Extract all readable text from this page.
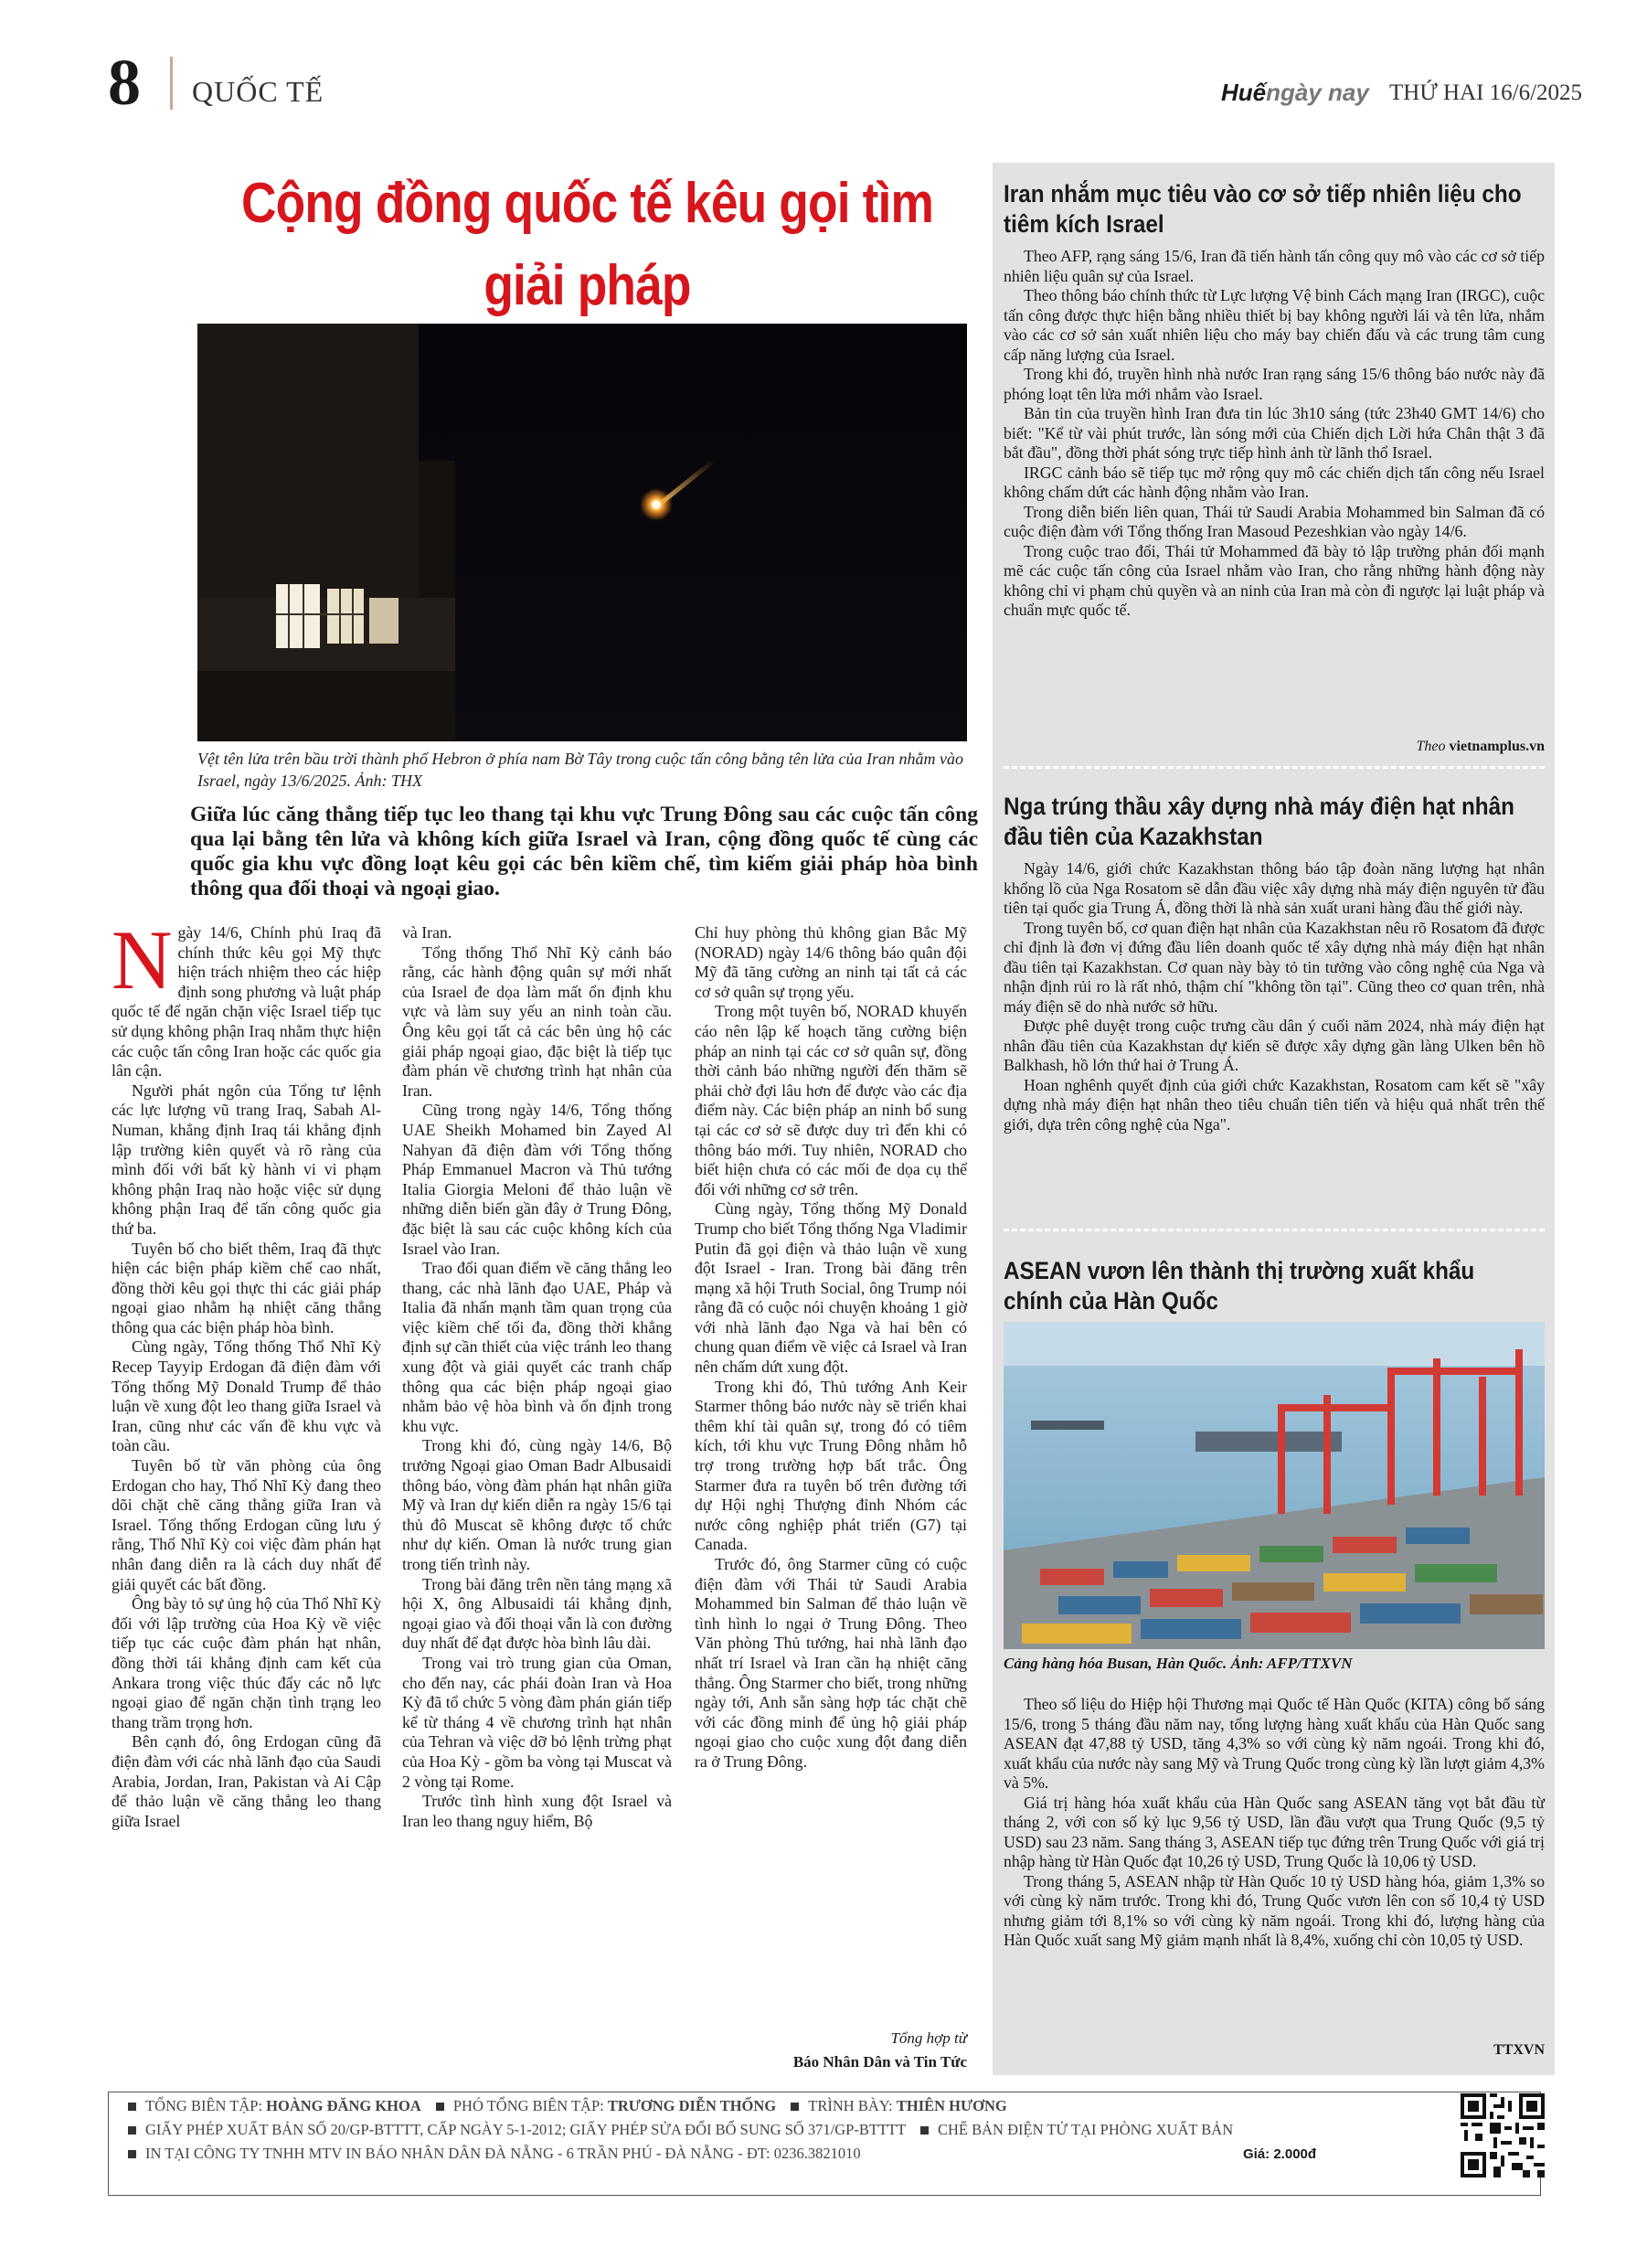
8 QUỐC TẾ	Huếngày nay THỨ HAI 16/6/2025
Cộng đồng quốc tế kêu gọi tìm giải pháp
Vệt tên lửa trên bầu trời thành phố Hebron ở phía nam Bờ Tây trong cuộc tấn công bằng tên lửa của Iran nhằm vào Israel, ngày 13/6/2025. Ảnh: THX
Giữa lúc căng thẳng tiếp tục leo thang tại khu vực Trung Đông sau các cuộc tấn công qua lại bằng tên lửa và không kích giữa Israel và Iran, cộng đồng quốc tế cùng các quốc gia khu vực đồng loạt kêu gọi các bên kiềm chế, tìm kiếm giải pháp hòa bình thông qua đối thoại và ngoại giao.

Ngày 14/6, Chính phủ Iraq đã chính thức kêu gọi Mỹ thực hiện trách nhiệm theo các hiệp định song phương và luật pháp quốc tế để ngăn chặn việc Israel tiếp tục sử dụng không phận Iraq nhằm thực hiện các cuộc tấn công Iran hoặc các quốc gia lân cận.

Người phát ngôn của Tổng tư lệnh các lực lượng vũ trang Iraq, Sabah Al-Numan, khẳng định Iraq tái khẳng định lập trường kiên quyết và rõ ràng của mình đối với bất kỳ hành vi vi phạm không phận Iraq nào hoặc việc sử dụng không phận Iraq để tấn công quốc gia thứ ba.

Tuyên bố cho biết thêm, Iraq đã thực hiện các biện pháp kiềm chế cao nhất, đồng thời kêu gọi thực thi các giải pháp ngoại giao nhằm hạ nhiệt căng thẳng thông qua các biện pháp hòa bình.

Cùng ngày, Tổng thống Thổ Nhĩ Kỳ Recep Tayyip Erdogan đã điện đàm với Tổng thống Mỹ Donald Trump để thảo luận về xung đột leo thang giữa Israel và Iran, cũng như các vấn đề khu vực và toàn cầu.

Tuyên bố từ văn phòng của ông Erdogan cho hay, Thổ Nhĩ Kỳ đang theo dõi chặt chẽ căng thẳng giữa Iran và Israel. Tổng thống Erdogan cũng lưu ý rằng, Thổ Nhĩ Kỳ coi việc đàm phán hạt nhân đang diễn ra là cách duy nhất để giải quyết các bất đồng.

Ông bày tỏ sự ủng hộ của Thổ Nhĩ Kỳ đối với lập trường của Hoa Kỳ về việc tiếp tục các cuộc đàm phán hạt nhân, đồng thời tái khẳng định cam kết của Ankara trong việc thúc đẩy các nỗ lực ngoại giao để ngăn chặn tình trạng leo thang trầm trọng hơn.

Bên cạnh đó, ông Erdogan cũng đã điện đàm với các nhà lãnh đạo của Saudi Arabia, Jordan, Iran, Pakistan và Ai Cập để thảo luận về căng thẳng leo thang giữa Israel

và Iran.

Tổng thống Thổ Nhĩ Kỳ cảnh báo rằng, các hành động quân sự mới nhất của Israel đe dọa làm mất ổn định khu vực và làm suy yếu an ninh toàn cầu. Ông kêu gọi tất cả các bên ủng hộ các giải pháp ngoại giao, đặc biệt là tiếp tục đàm phán về chương trình hạt nhân của Iran.

Cũng trong ngày 14/6, Tổng thống UAE Sheikh Mohamed bin Zayed Al Nahyan đã điện đàm với Tổng thống Pháp Emmanuel Macron và Thủ tướng Italia Giorgia Meloni để thảo luận về những diễn biến gần đây ở Trung Đông, đặc biệt là sau các cuộc không kích của Israel vào Iran.

Trao đổi quan điểm về căng thẳng leo thang, các nhà lãnh đạo UAE, Pháp và Italia đã nhấn mạnh tầm quan trọng của việc kiềm chế tối đa, đồng thời khẳng định sự cần thiết của việc tránh leo thang xung đột và giải quyết các tranh chấp thông qua các biện pháp ngoại giao nhằm bảo vệ hòa bình và ổn định trong khu vực.

Trong khi đó, cùng ngày 14/6, Bộ trưởng Ngoại giao Oman Badr Albusaidi thông báo, vòng đàm phán hạt nhân giữa Mỹ và Iran dự kiến diễn ra ngày 15/6 tại thủ đô Muscat sẽ không được tổ chức như dự kiến. Oman là nước trung gian trong tiến trình này.

Trong bài đăng trên nền tảng mạng xã hội X, ông Albusaidi tái khẳng định, ngoại giao và đối thoại vẫn là con đường duy nhất để đạt được hòa bình lâu dài.

Trong vai trò trung gian của Oman, cho đến nay, các phái đoàn Iran và Hoa Kỳ đã tổ chức 5 vòng đàm phán gián tiếp kể từ tháng 4 về chương trình hạt nhân của Tehran và việc dỡ bỏ lệnh trừng phạt của Hoa Kỳ - gồm ba vòng tại Muscat và 2 vòng tại Rome.

Trước tình hình xung đột Israel và Iran leo thang nguy hiểm, Bộ

Chỉ huy phòng thủ không gian Bắc Mỹ (NORAD) ngày 14/6 thông báo quân đội Mỹ đã tăng cường an ninh tại tất cả các cơ sở quân sự trọng yếu.

Trong một tuyên bố, NORAD khuyến cáo nên lập kế hoạch tăng cường biện pháp an ninh tại các cơ sở quân sự, đồng thời cảnh báo những người đến thăm sẽ phải chờ đợi lâu hơn để được vào các địa điểm này. Các biện pháp an ninh bổ sung tại các cơ sở sẽ được duy trì đến khi có thông báo mới. Tuy nhiên, NORAD cho biết hiện chưa có các mối đe dọa cụ thể đối với những cơ sở trên.

Cùng ngày, Tổng thống Mỹ Donald Trump cho biết Tổng thống Nga Vladimir Putin đã gọi điện và thảo luận về xung đột Israel - Iran. Trong bài đăng trên mạng xã hội Truth Social, ông Trump nói rằng đã có cuộc nói chuyện khoảng 1 giờ với nhà lãnh đạo Nga và hai bên có chung quan điểm về việc cả Israel và Iran nên chấm dứt xung đột.

Trong khi đó, Thủ tướng Anh Keir Starmer thông báo nước này sẽ triển khai thêm khí tài quân sự, trong đó có tiêm kích, tới khu vực Trung Đông nhằm hỗ trợ trong trường hợp bất trắc. Ông Starmer đưa ra tuyên bố trên đường tới dự Hội nghị Thượng đỉnh Nhóm các nước công nghiệp phát triển (G7) tại Canada.

Trước đó, ông Starmer cũng có cuộc điện đàm với Thái tử Saudi Arabia Mohammed bin Salman để thảo luận về tình hình lo ngại ở Trung Đông. Theo Văn phòng Thủ tướng, hai nhà lãnh đạo nhất trí Israel và Iran cần hạ nhiệt căng thẳng. Ông Starmer cho biết, trong những ngày tới, Anh sẵn sàng hợp tác chặt chẽ với các đồng minh để ủng hộ giải pháp ngoại giao cho cuộc xung đột đang diễn ra ở Trung Đông.

Tổng hợp từ
Báo Nhân Dân và Tin Tức
Iran nhắm mục tiêu vào cơ sở tiếp nhiên liệu cho tiêm kích Israel

Theo AFP, rạng sáng 15/6, Iran đã tiến hành tấn công quy mô vào các cơ sở tiếp nhiên liệu quân sự của Israel.

Theo thông báo chính thức từ Lực lượng Vệ binh Cách mạng Iran (IRGC), cuộc tấn công được thực hiện bằng nhiều thiết bị bay không người lái và tên lửa, nhắm vào các cơ sở sản xuất nhiên liệu cho máy bay chiến đấu và các trung tâm cung cấp năng lượng của Israel.

Trong khi đó, truyền hình nhà nước Iran rạng sáng 15/6 thông báo nước này đã phóng loạt tên lửa mới nhắm vào Israel.

Bản tin của truyền hình Iran đưa tin lúc 3h10 sáng (tức 23h40 GMT 14/6) cho biết: "Kể từ vài phút trước, làn sóng mới của Chiến dịch Lời hứa Chân thật 3 đã bắt đầu", đồng thời phát sóng trực tiếp hình ảnh từ lãnh thổ Israel.

IRGC cảnh báo sẽ tiếp tục mở rộng quy mô các chiến dịch tấn công nếu Israel không chấm dứt các hành động nhằm vào Iran.

Trong diễn biến liên quan, Thái tử Saudi Arabia Mohammed bin Salman đã có cuộc điện đàm với Tổng thống Iran Masoud Pezeshkian vào ngày 14/6.

Trong cuộc trao đổi, Thái tử Mohammed đã bày tỏ lập trường phản đối mạnh mẽ các cuộc tấn công của Israel nhằm vào Iran, cho rằng những hành động này không chỉ vi phạm chủ quyền và an ninh của Iran mà còn đi ngược lại luật pháp và chuẩn mực quốc tế.

Theo vietnamplus.vn
Nga trúng thầu xây dựng nhà máy điện hạt nhân đầu tiên của Kazakhstan

Ngày 14/6, giới chức Kazakhstan thông báo tập đoàn năng lượng hạt nhân khổng lồ của Nga Rosatom sẽ dẫn đầu việc xây dựng nhà máy điện nguyên tử đầu tiên tại quốc gia Trung Á, đồng thời là nhà sản xuất urani hàng đầu thế giới này.

Trong tuyên bố, cơ quan điện hạt nhân của Kazakhstan nêu rõ Rosatom đã được chỉ định là đơn vị đứng đầu liên doanh quốc tế xây dựng nhà máy điện hạt nhân đầu tiên tại Kazakhstan. Cơ quan này bày tỏ tin tưởng vào công nghệ của Nga và nhận định rủi ro là rất nhỏ, thậm chí "không tồn tại". Cũng theo cơ quan trên, nhà máy điện sẽ do nhà nước sở hữu.

Được phê duyệt trong cuộc trưng cầu dân ý cuối năm 2024, nhà máy điện hạt nhân đầu tiên của Kazakhstan dự kiến sẽ được xây dựng gần làng Ulken bên hồ Balkhash, hồ lớn thứ hai ở Trung Á.

Hoan nghênh quyết định của giới chức Kazakhstan, Rosatom cam kết sẽ "xây dựng nhà máy điện hạt nhân theo tiêu chuẩn tiên tiến và hiệu quả nhất trên thế giới, dựa trên công nghệ của Nga".

ASEAN vươn lên thành thị trường xuất khẩu chính của Hàn Quốc
Cảng hàng hóa Busan, Hàn Quốc. Ảnh: AFP/TTXVN

Theo số liệu do Hiệp hội Thương mại Quốc tế Hàn Quốc (KITA) công bố sáng 15/6, trong 5 tháng đầu năm nay, tổng lượng hàng xuất khẩu của Hàn Quốc sang ASEAN đạt 47,88 tỷ USD, tăng 4,3% so với cùng kỳ năm ngoái. Trong khi đó, xuất khẩu của nước này sang Mỹ và Trung Quốc trong cùng kỳ lần lượt giảm 4,3% và 5%.

Giá trị hàng hóa xuất khẩu của Hàn Quốc sang ASEAN tăng vọt bắt đầu từ tháng 2, với con số kỷ lục 9,56 tỷ USD, lần đầu vượt qua Trung Quốc (9,5 tỷ USD) sau 23 năm. Sang tháng 3, ASEAN tiếp tục đứng trên Trung Quốc với giá trị nhập hàng từ Hàn Quốc đạt 10,26 tỷ USD, Trung Quốc là 10,06 tỷ USD.

Trong tháng 5, ASEAN nhập từ Hàn Quốc 10 tỷ USD hàng hóa, giảm 1,3% so với cùng kỳ năm trước. Trong khi đó, Trung Quốc vươn lên con số 10,4 tỷ USD nhưng giảm tới 8,1% so với cùng kỳ năm ngoái. Trong khi đó, lượng hàng của Hàn Quốc xuất sang Mỹ giảm mạnh nhất là 8,4%, xuống chỉ còn 10,05 tỷ USD.

TTXVN
TỔNG BIÊN TẬP: HOÀNG ĐĂNG KHOA PHÓ TỔNG BIÊN TẬP: TRƯƠNG DIỄN THỐNG TRÌNH BÀY: THIÊN HƯƠNG
GIẤY PHÉP XUẤT BẢN SỐ 20/GP-BTTTT, CẤP NGÀY 5-1-2012; GIẤY PHÉP SỬA ĐỔI BỔ SUNG SỐ 371/GP-BTTTT CHẾ BẢN ĐIỆN TỬ TẠI PHÒNG XUẤT BẢN
IN TẠI CÔNG TY TNHH MTV IN BÁO NHÂN DÂN ĐÀ NẴNG - 6 TRẦN PHÚ - ĐÀ NẴNG - ĐT: 0236.3821010	Giá: 2.000đ
